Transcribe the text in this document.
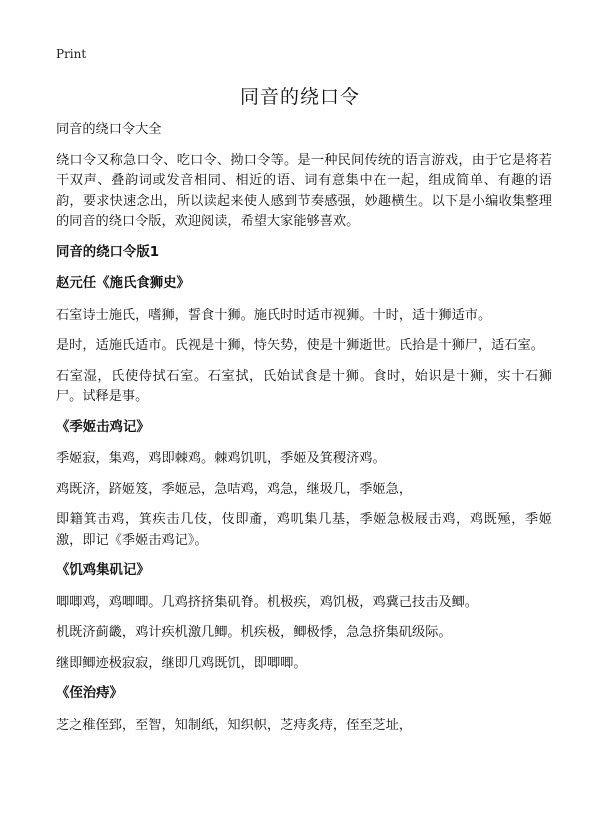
Print
同音的绕口令

同音的绕口令大全

绕口令又称急口令、吃口令、拗口令等。是一种民间传统的语言游戏，由于它是将若干双声、叠韵词或发音相同、相近的语、词有意集中在一起，组成简单、有趣的语韵，要求快速念出，所以读起来使人感到节奏感强，妙趣横生。以下是小编收集整理的同音的绕口令版，欢迎阅读，希望大家能够喜欢。

同音的绕口令版1

赵元任《施氏食狮史》

石室诗士施氏，嗜狮，誓食十狮。施氏时时适市视狮。十时，适十狮适市。

是时，适施氏适市。氏视是十狮，恃矢势，使是十狮逝世。氏拾是十狮尸，适石室。

石室湿，氏使侍拭石室。石室拭，氏始试食是十狮。食时，始识是十狮，实十石狮尸。试释是事。

《季姬击鸡记》

季姬寂，集鸡，鸡即棘鸡。棘鸡饥叽，季姬及箕稷济鸡。

鸡既济，跻姬笈，季姬忌，急咭鸡，鸡急，继圾几，季姬急，

即籍箕击鸡，箕疾击几伎，伎即齑，鸡叽集几基，季姬急极屐击鸡，鸡既殛，季姬激，即记《季姬击鸡记》。

《饥鸡集矶记》

唧唧鸡，鸡唧唧。几鸡挤挤集矶脊。机极疾，鸡饥极，鸡冀己技击及鲫。

机既济蓟畿，鸡计疾机激几鲫。机疾极，鲫极悸，急急挤集矶级际。

继即鲫迹极寂寂，继即几鸡既饥，即唧唧。

《侄治痔》

芝之稚侄郅，至智，知制纸，知织帜，芝痔炙痔，侄至芝址，
